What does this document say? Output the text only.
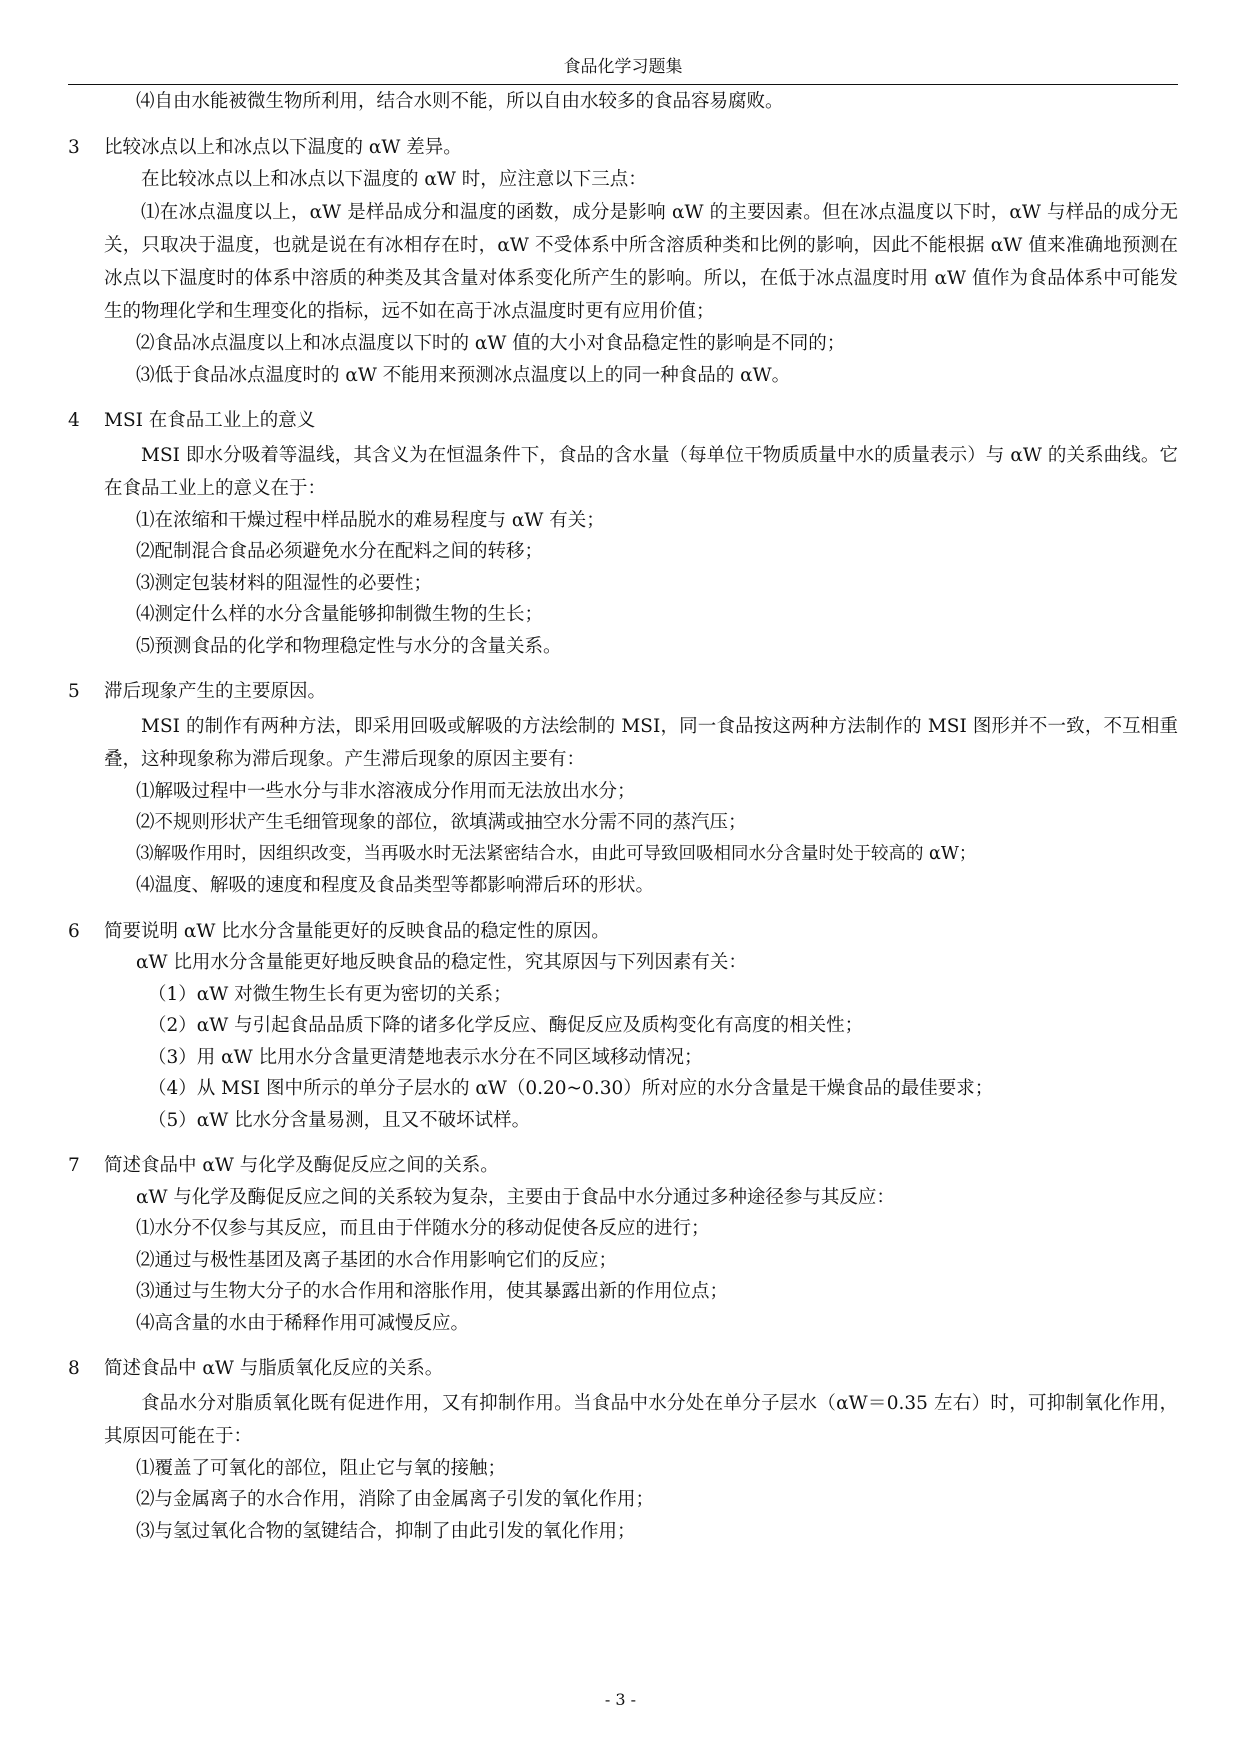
食品化学习题集
⑷自由水能被微生物所利用，结合水则不能，所以自由水较多的食品容易腐败。
3 比较冰点以上和冰点以下温度的 αW 差异。
在比较冰点以上和冰点以下温度的 αW 时，应注意以下三点：
⑴在冰点温度以上，αW 是样品成分和温度的函数，成分是影响 αW 的主要因素。但在冰点温度以下时，αW 与样品的成分无关，只取决于温度，也就是说在有冰相存在时，αW 不受体系中所含溶质种类和比例的影响，因此不能根据 αW 值来准确地预测在冰点以下温度时的体系中溶质的种类及其含量对体系变化所产生的影响。所以，在低于冰点温度时用 αW 值作为食品体系中可能发生的物理化学和生理变化的指标，远不如在高于冰点温度时更有应用价值；
⑵食品冰点温度以上和冰点温度以下时的 αW 值的大小对食品稳定性的影响是不同的；
⑶低于食品冰点温度时的 αW 不能用来预测冰点温度以上的同一种食品的 αW。
4 MSI 在食品工业上的意义
MSI 即水分吸着等温线，其含义为在恒温条件下，食品的含水量（每单位干物质质量中水的质量表示）与 αW 的关系曲线。它在食品工业上的意义在于：
⑴在浓缩和干燥过程中样品脱水的难易程度与 αW 有关；
⑵配制混合食品必须避免水分在配料之间的转移；
⑶测定包装材料的阻湿性的必要性；
⑷测定什么样的水分含量能够抑制微生物的生长；
⑸预测食品的化学和物理稳定性与水分的含量关系。
5 滞后现象产生的主要原因。
MSI 的制作有两种方法，即采用回吸或解吸的方法绘制的 MSI，同一食品按这两种方法制作的 MSI 图形并不一致，不互相重叠，这种现象称为滞后现象。产生滞后现象的原因主要有：
⑴解吸过程中一些水分与非水溶液成分作用而无法放出水分；
⑵不规则形状产生毛细管现象的部位，欲填满或抽空水分需不同的蒸汽压；
⑶解吸作用时，因组织改变，当再吸水时无法紧密结合水，由此可导致回吸相同水分含量时处于较高的 αW；
⑷温度、解吸的速度和程度及食品类型等都影响滞后环的形状。
6 简要说明 αW 比水分含量能更好的反映食品的稳定性的原因。
αW 比用水分含量能更好地反映食品的稳定性，究其原因与下列因素有关：
（1）αW 对微生物生长有更为密切的关系；
（2）αW 与引起食品品质下降的诸多化学反应、酶促反应及质构变化有高度的相关性；
（3）用 αW 比用水分含量更清楚地表示水分在不同区域移动情况；
（4）从 MSI 图中所示的单分子层水的 αW（0.20~0.30）所对应的水分含量是干燥食品的最佳要求；
（5）αW 比水分含量易测，且又不破坏试样。
7 简述食品中 αW 与化学及酶促反应之间的关系。
αW 与化学及酶促反应之间的关系较为复杂，主要由于食品中水分通过多种途径参与其反应：
⑴水分不仅参与其反应，而且由于伴随水分的移动促使各反应的进行；
⑵通过与极性基团及离子基团的水合作用影响它们的反应；
⑶通过与生物大分子的水合作用和溶胀作用，使其暴露出新的作用位点；
⑷高含量的水由于稀释作用可减慢反应。
8 简述食品中 αW 与脂质氧化反应的关系。
食品水分对脂质氧化既有促进作用，又有抑制作用。当食品中水分处在单分子层水（αW＝0.35 左右）时，可抑制氧化作用，其原因可能在于：
⑴覆盖了可氧化的部位，阻止它与氧的接触；
⑵与金属离子的水合作用，消除了由金属离子引发的氧化作用；
⑶与氢过氧化合物的氢键结合，抑制了由此引发的氧化作用；
- 3 -
